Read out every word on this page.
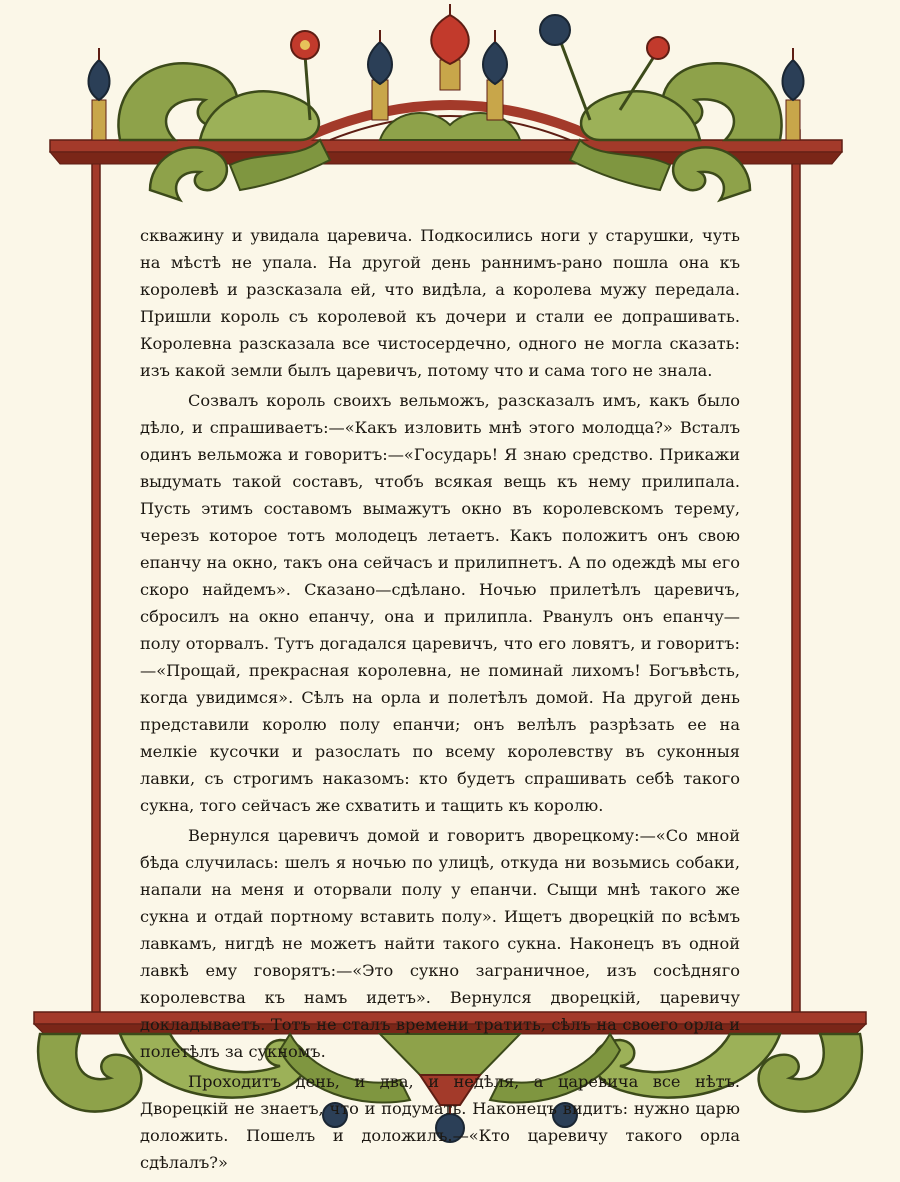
скважину и увидала царевича. Подкосились ноги у старушки, чуть на мѣстѣ не упала. На другой день раннимъ-рано пошла она къ королевѣ и разсказала ей, что видѣла, а королева мужу передала. Пришли король съ королевой къ дочери и стали ее допрашивать. Королевна разсказала все чистосердечно, одного не могла сказать: изъ какой земли былъ царевичъ, потому что и сама того не знала.

Созвалъ король своихъ вельможъ, разсказалъ имъ, какъ было дѣло, и спрашиваетъ:—«Какъ изловить мнѣ этого молодца?» Всталъ одинъ вельможа и говоритъ:—«Государь! Я знаю средство. Прикажи выдумать такой составъ, чтобъ всякая вещь къ нему прилипала. Пусть этимъ составомъ вымажутъ окно въ королевскомъ терему, черезъ которое тотъ молодецъ летаетъ. Какъ положитъ онъ свою епанчу на окно, такъ она сейчасъ и прилипнетъ. А по одеждѣ мы его скоро найдемъ». Сказано—сдѣлано. Ночью прилетѣлъ царевичъ, сбросилъ на окно епанчу, она и прилипла. Рванулъ онъ епанчу—полу оторвалъ. Тутъ догадался царевичъ, что его ловятъ, и говоритъ:—«Прощай, прекрасная королевна, не поминай лихомъ! Богъвѣсть, когда увидимся». Сѣлъ на орла и полетѣлъ домой. На другой день представили королю полу епанчи; онъ велѣлъ разрѣзать ее на мелкіе кусочки и разослать по всему королевству въ суконныя лавки, съ строгимъ наказомъ: кто будетъ спрашивать себѣ такого сукна, того сейчасъ же схватить и тащить къ королю.

Вернулся царевичъ домой и говоритъ дворецкому:—«Со мной бѣда случилась: шелъ я ночью по улицѣ, откуда ни возьмись собаки, напали на меня и оторвали полу у епанчи. Сыщи мнѣ такого же сукна и отдай портному вставить полу». Ищетъ дворецкій по всѣмъ лавкамъ, нигдѣ не можетъ найти такого сукна. Наконецъ въ одной лавкѣ ему говорятъ:—«Это сукно заграничное, изъ сосѣдняго королевства къ намъ идетъ». Вернулся дворецкій, царевичу докладываетъ. Тотъ не сталъ времени тратить, сѣлъ на своего орла и полетѣлъ за сукномъ.

Проходитъ день, и два, и недѣля, а царевича все нѣтъ. Дворецкій не знаетъ, что и подумать. Наконецъ видитъ: нужно царю доложить. Пошелъ и доложилъ.—«Кто царевичу такого орла сдѣлалъ?»
